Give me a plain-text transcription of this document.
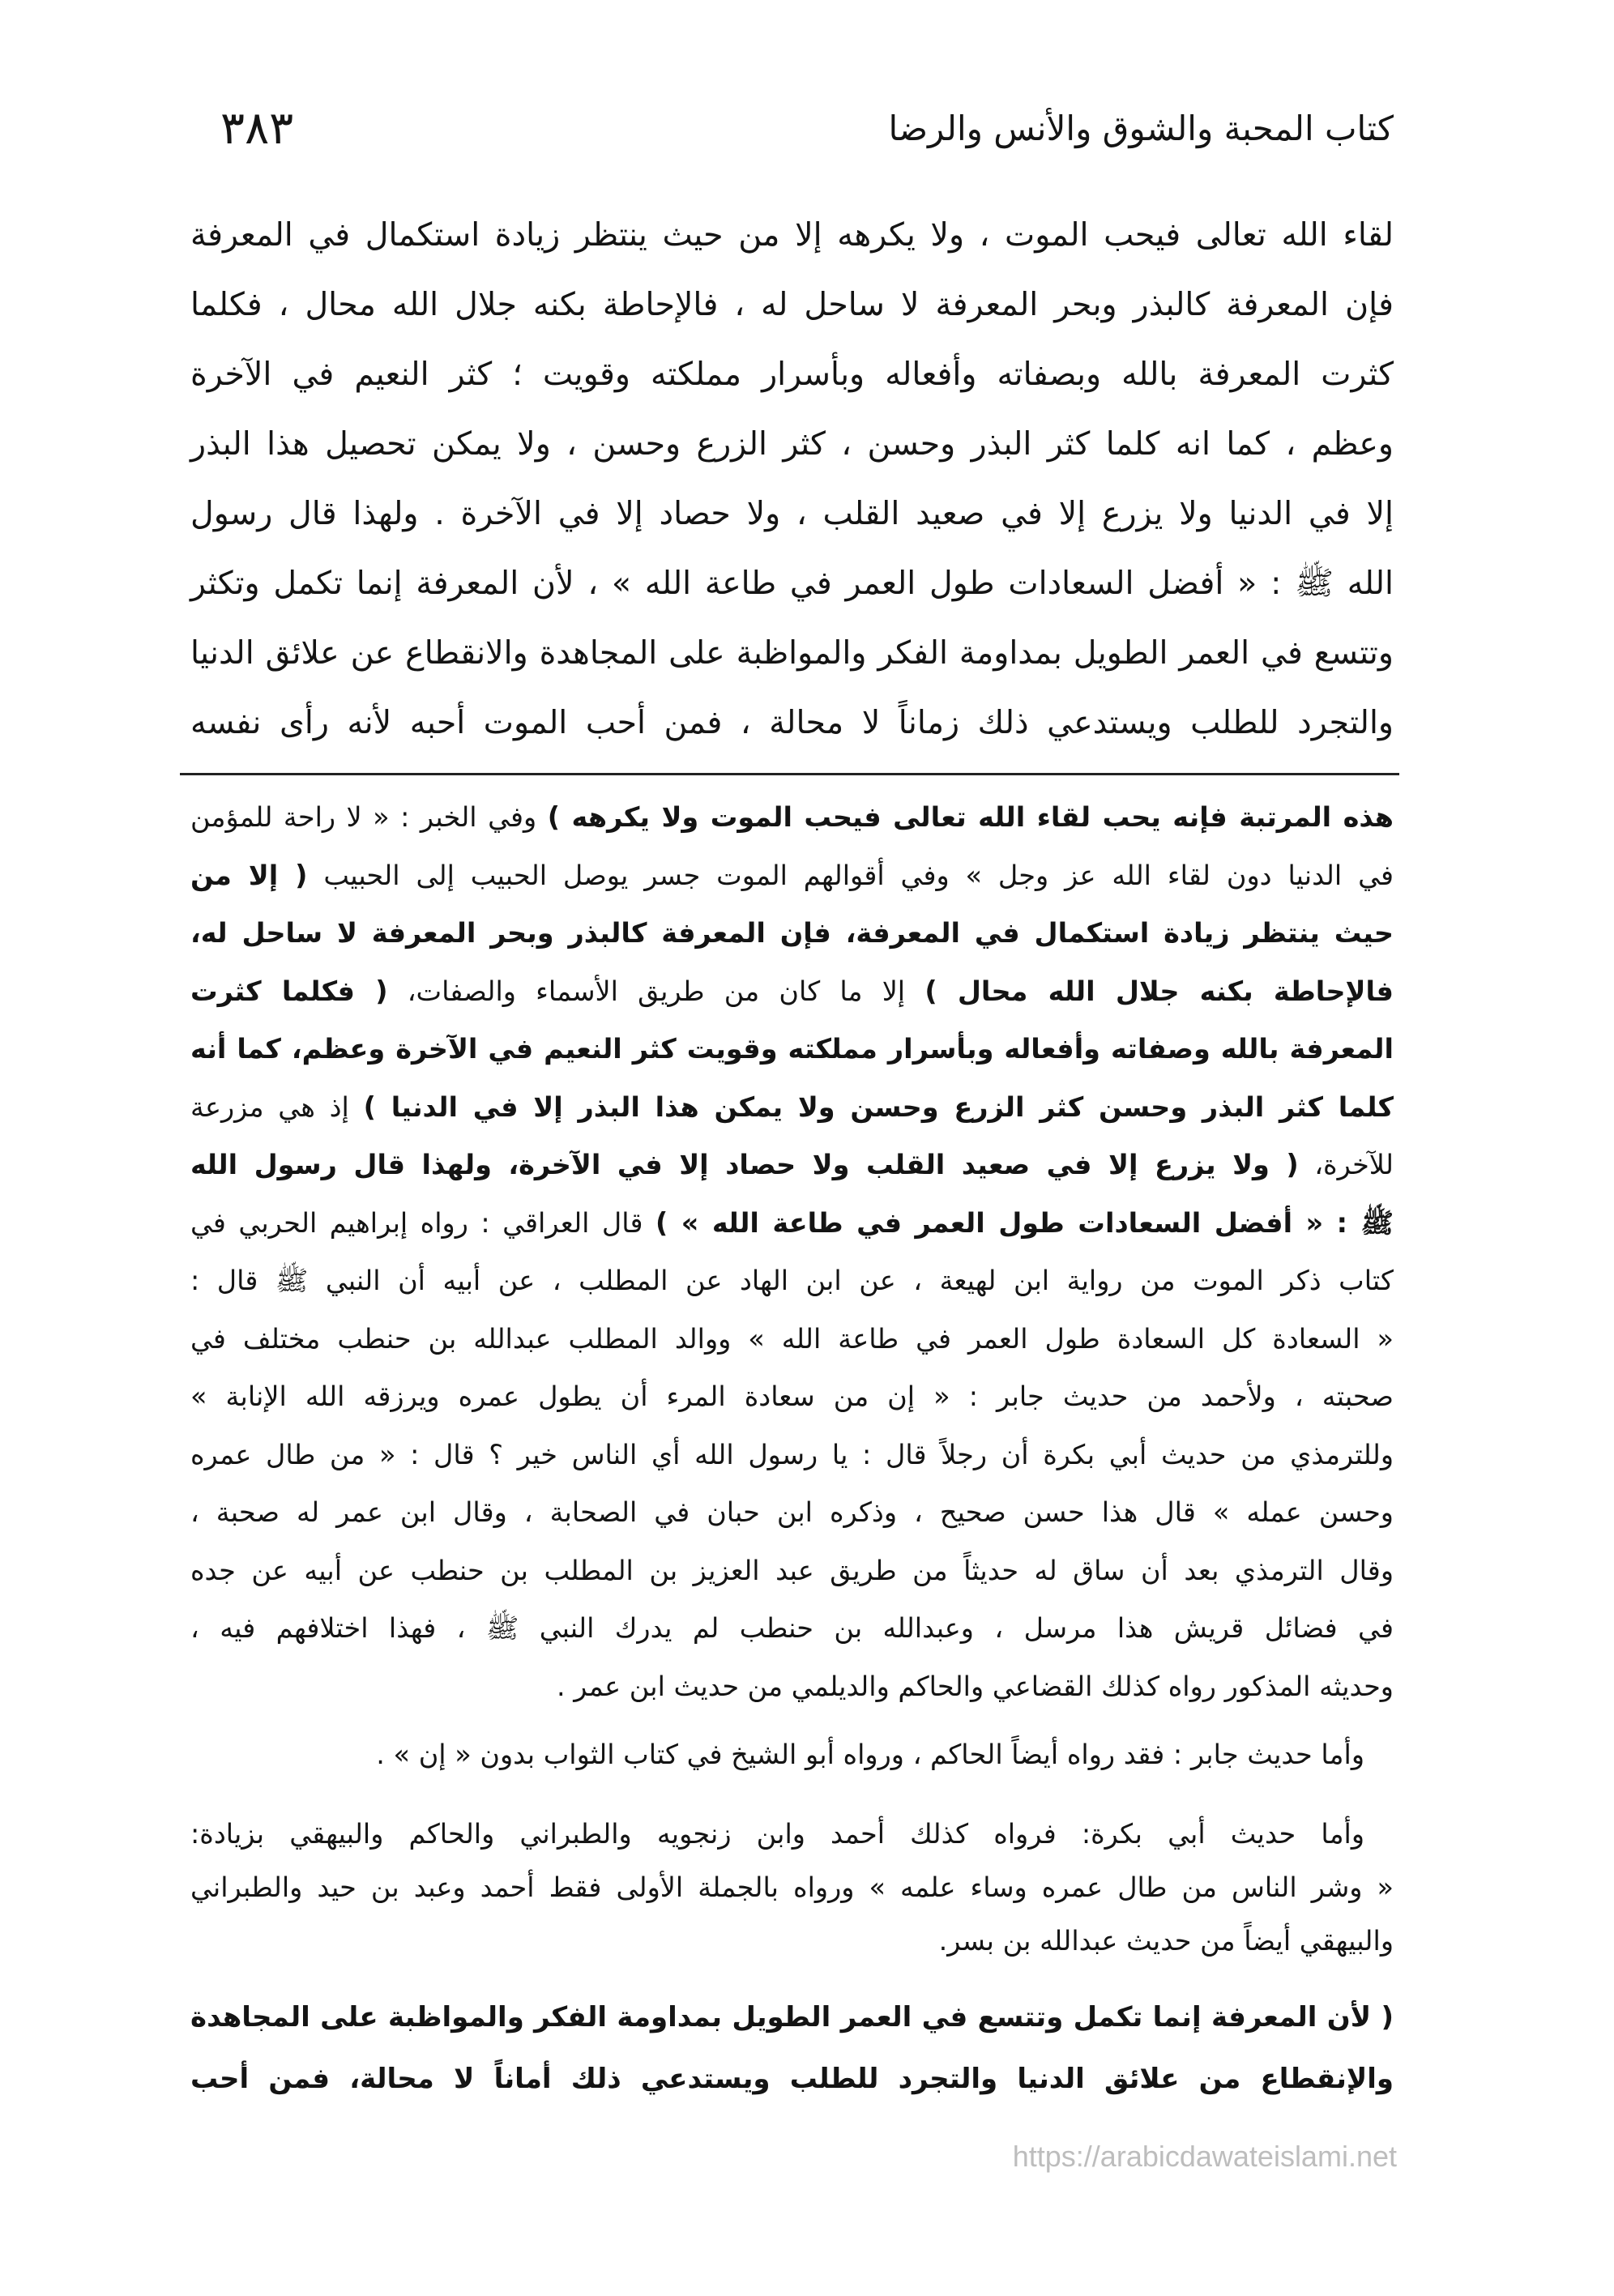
كتاب المحبة والشوق والأنس والرضا
٣٨٣
لقاء الله تعالى فيحب الموت ، ولا يكرهه إلا من حيث ينتظر زيادة استكمال في المعرفة
فإن المعرفة كالبذر وبحر المعرفة لا ساحل له ، فالإحاطة بكنه جلال الله محال ، فكلما
كثرت المعرفة بالله وبصفاته وأفعاله وبأسرار مملكته وقويت ؛ كثر النعيم في الآخرة
وعظم ، كما انه كلما كثر البذر وحسن ، كثر الزرع وحسن ، ولا يمكن تحصيل هذا البذر
إلا في الدنيا ولا يزرع إلا في صعيد القلب ، ولا حصاد إلا في الآخرة . ولهذا قال رسول
الله ﷺ : « أفضل السعادات طول العمر في طاعة الله » ، لأن المعرفة إنما تكمل وتكثر
وتتسع في العمر الطويل بمداومة الفكر والمواظبة على المجاهدة والانقطاع عن علائق الدنيا
والتجرد للطلب ويستدعي ذلك زماناً لا محالة ، فمن أحب الموت أحبه لأنه رأى نفسه
هذه المرتبة فإنه يحب لقاء الله تعالى فيحب الموت ولا يكرهه ) وفي الخبر : « لا راحة للمؤمن
في الدنيا دون لقاء الله عز وجل » وفي أقوالهم الموت جسر يوصل الحبيب إلى الحبيب ( إلا من
حيث ينتظر زيادة استكمال في المعرفة، فإن المعرفة كالبذر وبحر المعرفة لا ساحل له،
فالإحاطة بكنه جلال الله محال ) إلا ما كان من طريق الأسماء والصفات، ( فكلما كثرت
المعرفة بالله وصفاته وأفعاله وبأسرار مملكته وقويت كثر النعيم في الآخرة وعظم، كما أنه
كلما كثر البذر وحسن كثر الزرع وحسن ولا يمكن هذا البذر إلا في الدنيا ) إذ هي مزرعة
للآخرة، ( ولا يزرع إلا في صعيد القلب ولا حصاد إلا في الآخرة، ولهذا قال رسول الله
ﷺ : « أفضل السعادات طول العمر في طاعة الله » ) قال العراقي : رواه إبراهيم الحربي في
كتاب ذكر الموت من رواية ابن لهيعة ، عن ابن الهاد عن المطلب ، عن أبيه أن النبي ﷺ قال :
« السعادة كل السعادة طول العمر في طاعة الله » ووالد المطلب عبدالله بن حنطب مختلف في
صحبته ، ولأحمد من حديث جابر : « إن من سعادة المرء أن يطول عمره ويرزقه الله الإنابة »
وللترمذي من حديث أبي بكرة أن رجلاً قال : يا رسول الله أي الناس خير ؟ قال : « من طال عمره
وحسن عمله » قال هذا حسن صحيح ، وذكره ابن حبان في الصحابة ، وقال ابن عمر له صحبة ،
وقال الترمذي بعد أن ساق له حديثاً من طريق عبد العزيز بن المطلب بن حنطب عن أبيه عن جده
في فضائل قريش هذا مرسل ، وعبدالله بن حنطب لم يدرك النبي ﷺ ، فهذا اختلافهم فيه ،
وحديثه المذكور رواه كذلك القضاعي والحاكم والديلمي من حديث ابن عمر .
وأما حديث جابر : فقد رواه أيضاً الحاكم ، ورواه أبو الشيخ في كتاب الثواب بدون « إن » .
وأما حديث أبي بكرة: فرواه كذلك أحمد وابن زنجويه والطبراني والحاكم والبيهقي بزيادة:
« وشر الناس من طال عمره وساء علمه » ورواه بالجملة الأولى فقط أحمد وعبد بن حيد والطبراني
والبيهقي أيضاً من حديث عبدالله بن بسر.
( لأن المعرفة إنما تكمل وتتسع في العمر الطويل بمداومة الفكر والمواظبة على المجاهدة
والإنقطاع من علائق الدنيا والتجرد للطلب ويستدعي ذلك أماناً لا محالة، فمن أحب
https://arabicdawateislami.net
